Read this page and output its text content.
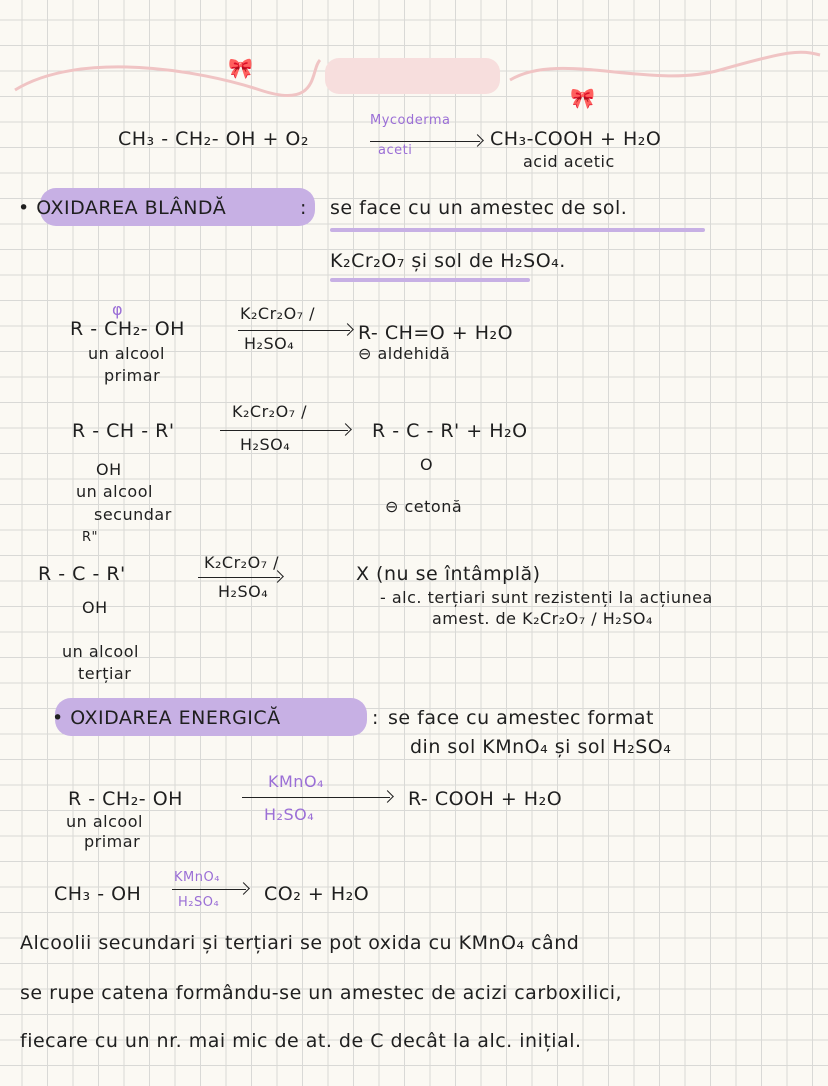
🎀
🎀
CH₃ - CH₂- OH + O₂
Mycoderma
aceti
CH₃-COOH + H₂O
acid acetic
• OXIDAREA BLÂNDĂ	: se face cu un amestec de sol.
K₂Cr₂O₇ și sol de H₂SO₄.
φ
R - CH₂- OH
K₂Cr₂O₇ /
H₂SO₄	R- CH=O + H₂O
un alcool
primar
⊖ aldehidă
R - CH - R'
OH
K₂Cr₂O₇ /
H₂SO₄
R - C - R' + H₂O
O
un alcool
secundar	⊖ cetonă
R"
R - C - R'
OH
K₂Cr₂O₇ /
H₂SO₄
X (nu se întâmplă)
- alc. terțiari sunt rezistenți la acțiunea
amest. de K₂Cr₂O₇ / H₂SO₄
un alcool
terțiar
• OXIDAREA ENERGICĂ	: se face cu amestec format
din sol KMnO₄ și sol H₂SO₄
R - CH₂- OH
KMnO₄
H₂SO₄
R- COOH + H₂O
un alcool
primar
CH₃ - OH
KMnO₄
H₂SO₄ CO₂ + H₂O
Alcoolii secundari și terțiari se pot oxida cu KMnO₄ când
se rupe catena formându-se un amestec de acizi carboxilici,
fiecare cu un nr. mai mic de at. de C decât la alc. inițial.
